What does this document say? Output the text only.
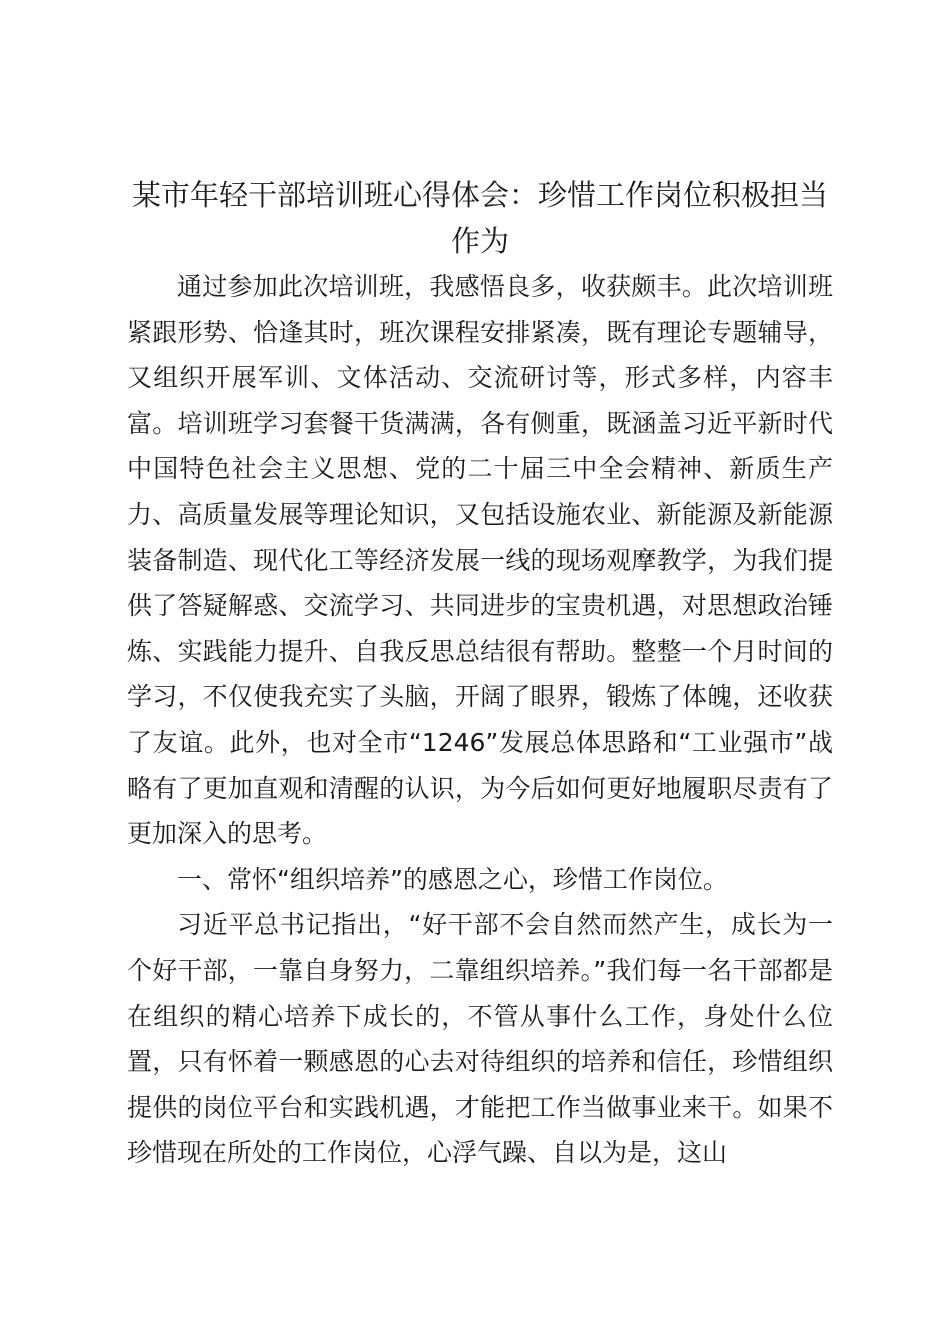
某市年轻干部培训班心得体会：珍惜工作岗位积极担当作为

通过参加此次培训班，我感悟良多，收获颇丰。此次培训班紧跟形势、恰逢其时，班次课程安排紧凑，既有理论专题辅导，又组织开展军训、文体活动、交流研讨等，形式多样，内容丰富。培训班学习套餐干货满满，各有侧重，既涵盖习近平新时代中国特色社会主义思想、党的二十届三中全会精神、新质生产力、高质量发展等理论知识，又包括设施农业、新能源及新能源装备制造、现代化工等经济发展一线的现场观摩教学，为我们提供了答疑解惑、交流学习、共同进步的宝贵机遇，对思想政治锤炼、实践能力提升、自我反思总结很有帮助。整整一个月时间的学习，不仅使我充实了头脑，开阔了眼界，锻炼了体魄，还收获了友谊。此外，也对全市“1246”发展总体思路和“工业强市”战略有了更加直观和清醒的认识，为今后如何更好地履职尽责有了更加深入的思考。

一、常怀“组织培养”的感恩之心，珍惜工作岗位。

习近平总书记指出，“好干部不会自然而然产生，成长为一个好干部，一靠自身努力，二靠组织培养。”我们每一名干部都是在组织的精心培养下成长的，不管从事什么工作，身处什么位置，只有怀着一颗感恩的心去对待组织的培养和信任，珍惜组织提供的岗位平台和实践机遇，才能把工作当做事业来干。如果不珍惜现在所处的工作岗位，心浮气躁、自以为是，这山
